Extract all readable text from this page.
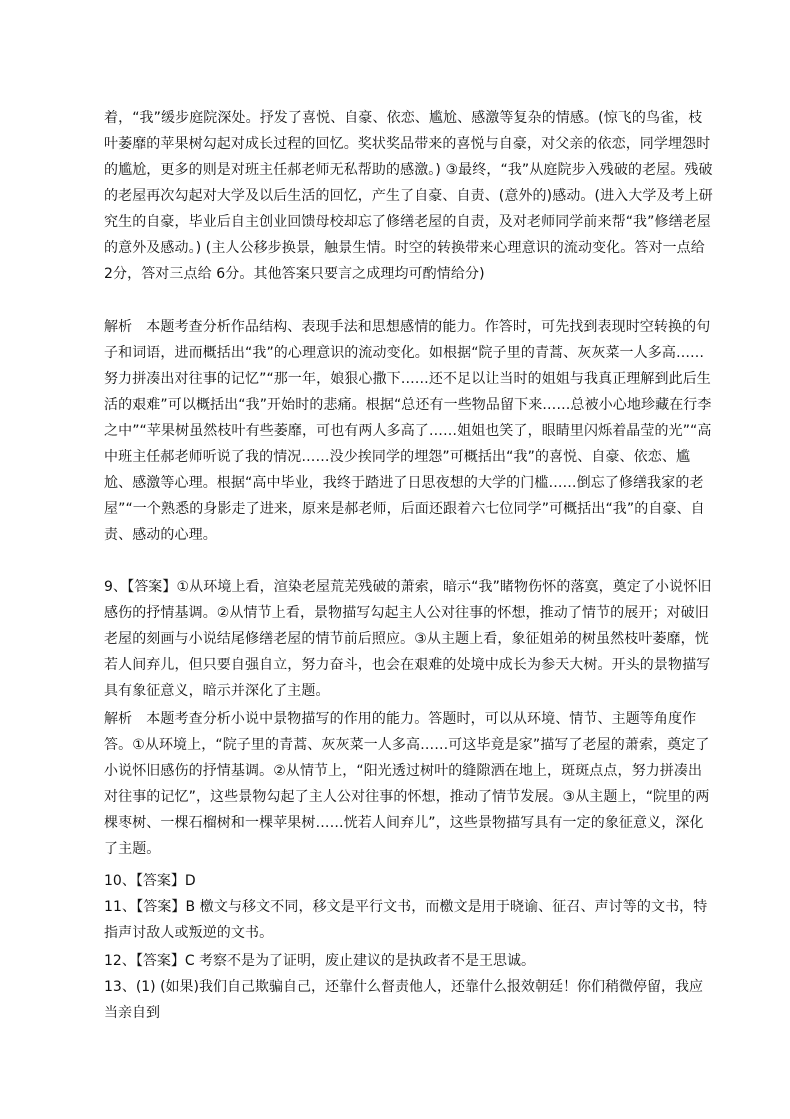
着，“我”缓步庭院深处。抒发了喜悦、自豪、依恋、尴尬、感激等复杂的情感。(惊飞的鸟雀，枝叶萎靡的苹果树勾起对成长过程的回忆。奖状奖品带来的喜悦与自豪，对父亲的依恋，同学埋怨时的尴尬，更多的则是对班主任郝老师无私帮助的感激。) ③最终，“我”从庭院步入残破的老屋。残破的老屋再次勾起对大学及以后生活的回忆，产生了自豪、自责、(意外的)感动。(进入大学及考上研究生的自豪，毕业后自主创业回馈母校却忘了修缮老屋的自责，及对老师同学前来帮“我”修缮老屋的意外及感动。) (主人公移步换景，触景生情。时空的转换带来心理意识的流动变化。答对一点给 2分，答对三点给 6分。其他答案只要言之成理均可酌情给分)

解析　本题考查分析作品结构、表现手法和思想感情的能力。作答时，可先找到表现时空转换的句子和词语，进而概括出“我”的心理意识的流动变化。如根据“院子里的青蒿、灰灰菜一人多高……努力拼凑出对往事的记忆”“那一年，娘狠心撒下……还不足以让当时的姐姐与我真正理解到此后生活的艰难”可以概括出“我”开始时的悲痛。根据“总还有一些物品留下来……总被小心地珍藏在行李之中”“苹果树虽然枝叶有些萎靡，可也有两人多高了……姐姐也笑了，眼睛里闪烁着晶莹的光”“高中班主任郝老师听说了我的情况……没少挨同学的埋怨”可概括出“我”的喜悦、自豪、依恋、尴尬、感激等心理。根据“高中毕业，我终于踏进了日思夜想的大学的门槛……倒忘了修缮我家的老屋”“一个熟悉的身影走了进来，原来是郝老师，后面还跟着六七位同学”可概括出“我”的自豪、自责、感动的心理。

9、【答案】①从环境上看，渲染老屋荒芜残破的萧索，暗示“我”睹物伤怀的落寞，奠定了小说怀旧感伤的抒情基调。②从情节上看，景物描写勾起主人公对往事的怀想，推动了情节的展开；对破旧老屋的刻画与小说结尾修缮老屋的情节前后照应。③从主题上看，象征姐弟的树虽然枝叶萎靡，恍若人间弃儿，但只要自强自立，努力奋斗，也会在艰难的处境中成长为参天大树。开头的景物描写具有象征意义，暗示并深化了主题。

解析　本题考查分析小说中景物描写的作用的能力。答题时，可以从环境、情节、主题等角度作答。①从环境上，“院子里的青蒿、灰灰菜一人多高……可这毕竟是家”描写了老屋的萧索，奠定了小说怀旧感伤的抒情基调。②从情节上，“阳光透过树叶的缝隙洒在地上，斑斑点点，努力拼凑出对往事的记忆”，这些景物勾起了主人公对往事的怀想，推动了情节发展。③从主题上，“院里的两棵枣树、一棵石榴树和一棵苹果树……恍若人间弃儿”，这些景物描写具有一定的象征意义，深化了主题。

10、【答案】D

11、【答案】B 檄文与移文不同，移文是平行文书，而檄文是用于晓谕、征召、声讨等的文书，特指声讨敌人或叛逆的文书。

12、【答案】C 考察不是为了证明，废止建议的是执政者不是王思诚。

13、(1) (如果)我们自己欺骗自己，还靠什么督责他人，还靠什么报效朝廷！你们稍微停留，我应当亲自到
